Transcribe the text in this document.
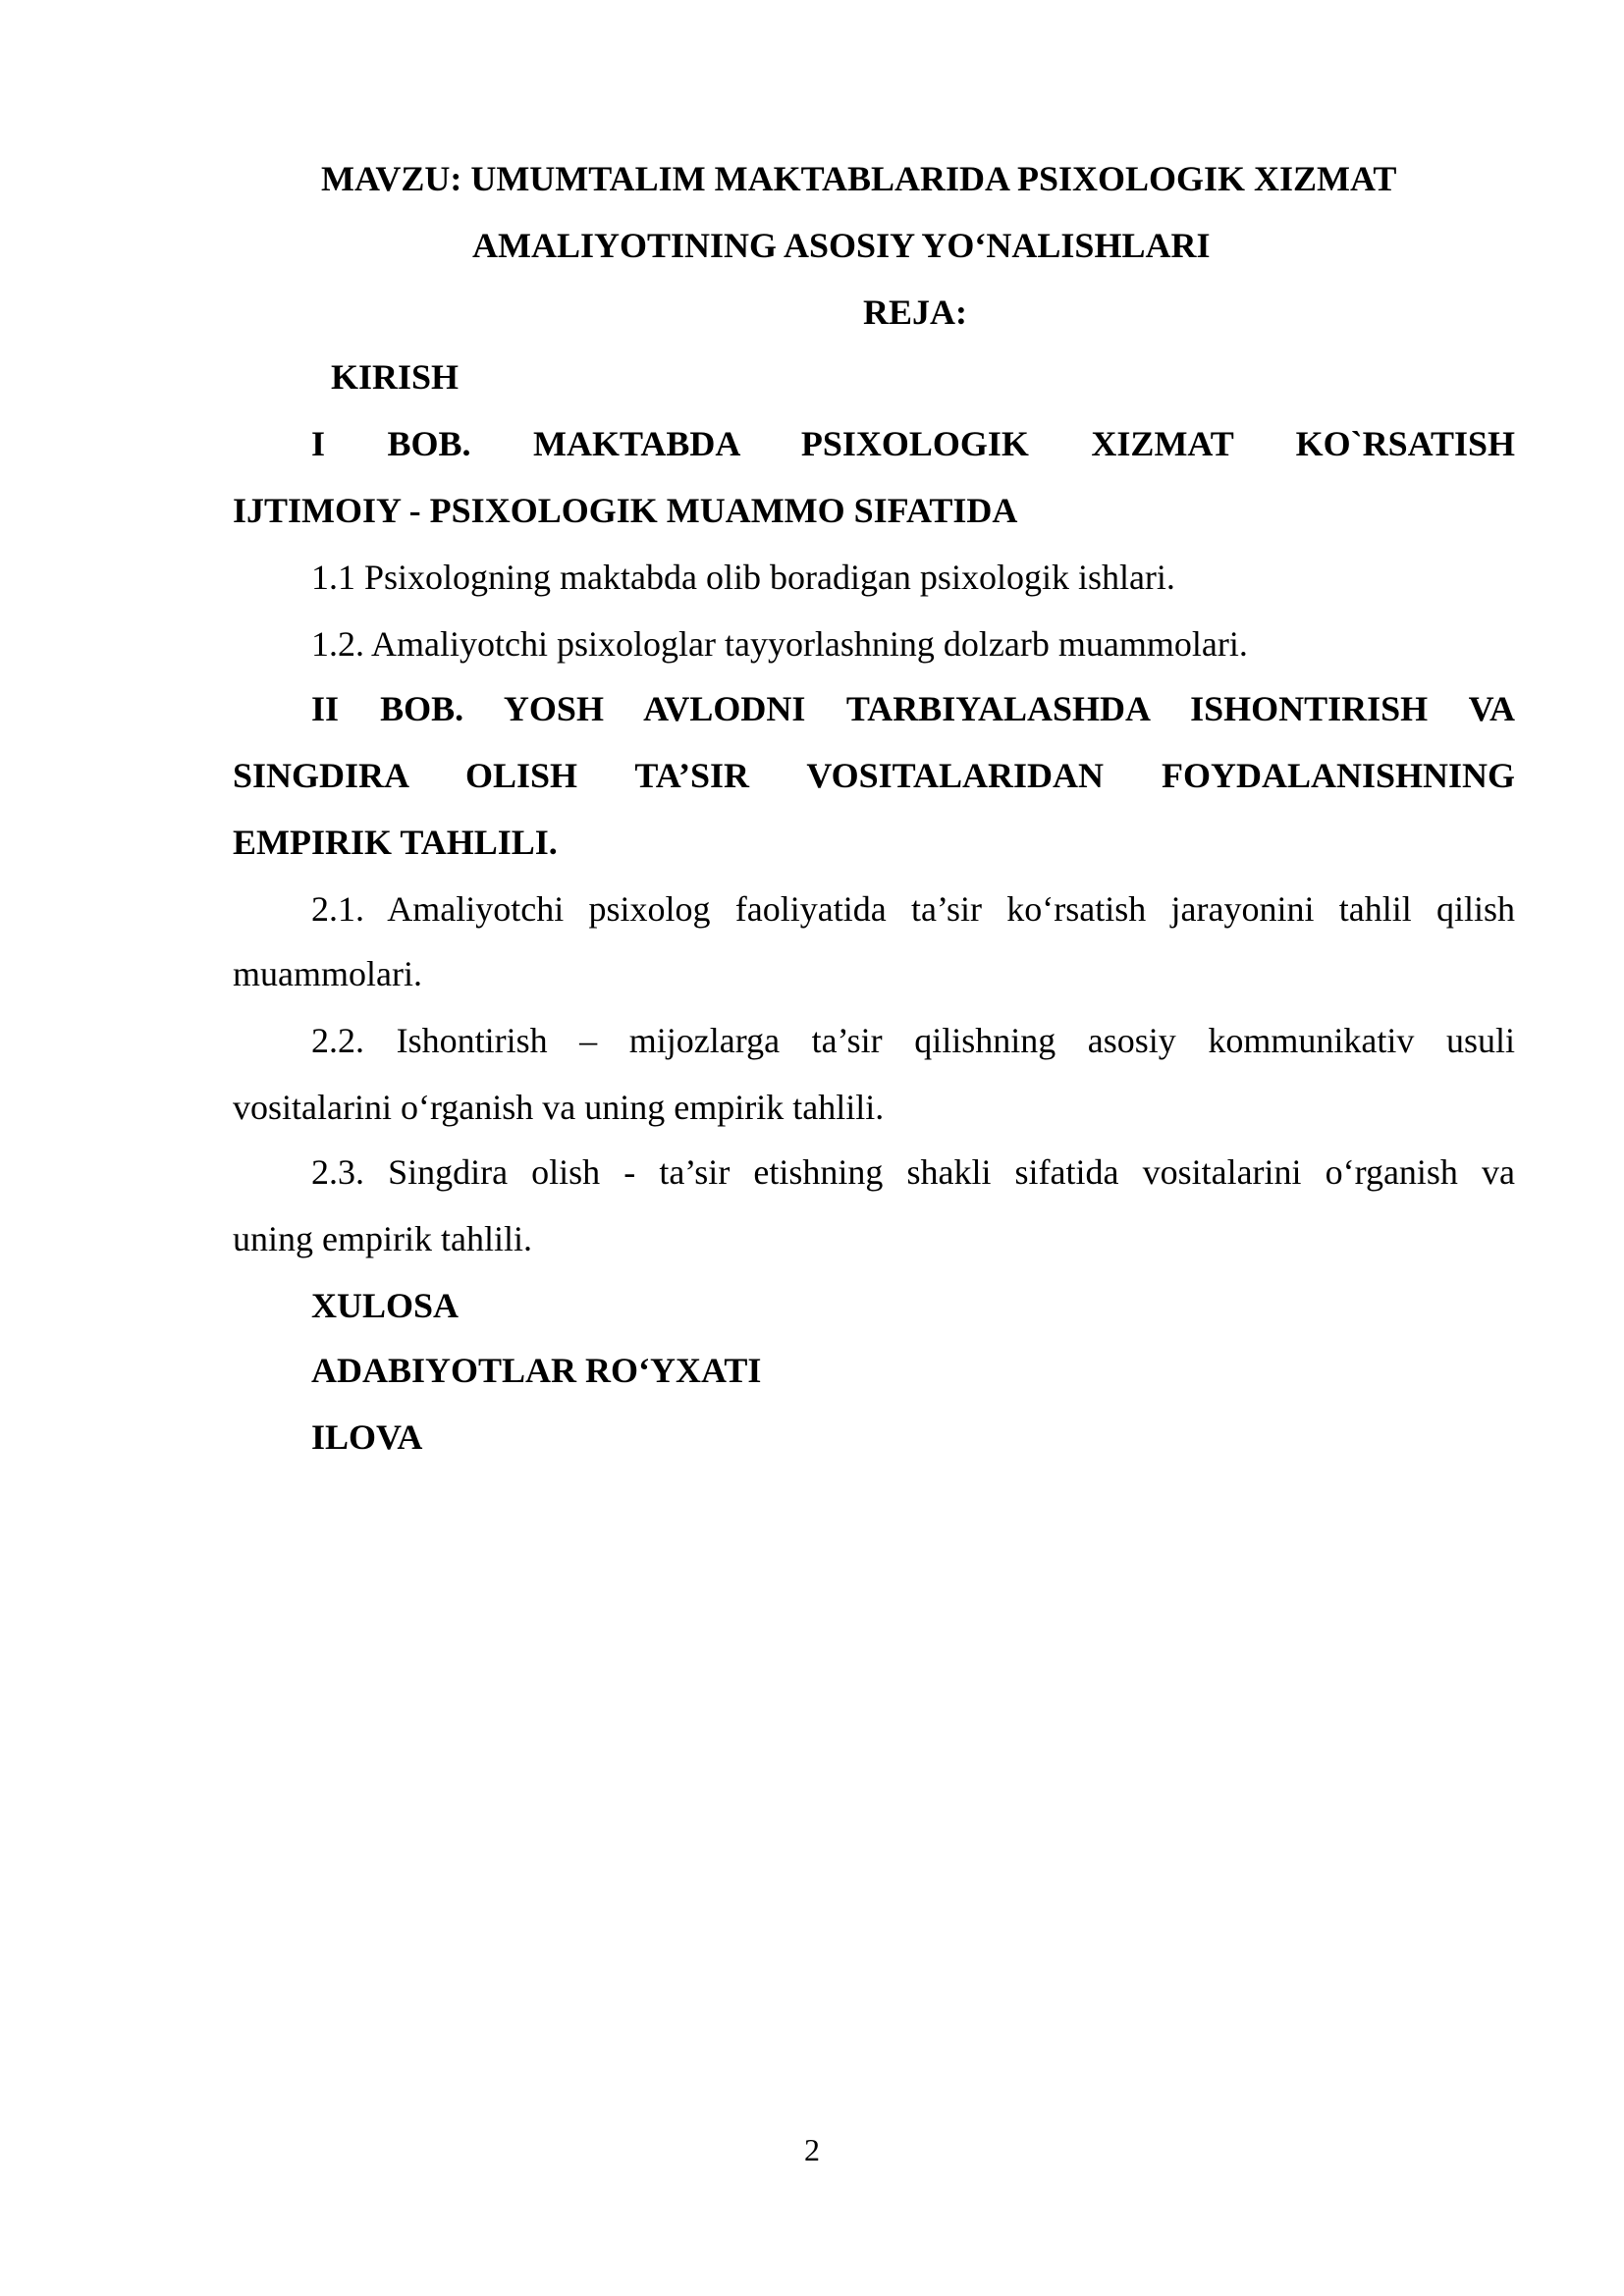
MAVZU: UMUMTALIM MAKTABLARIDA PSIXOLOGIK XIZMAT
AMALIYOTINING ASOSIY YO‘NALISHLARI
REJA:
KIRISH
I BOB. MAKTABDA PSIXOLOGIK XIZMAT KO`RSATISH
IJTIMOIY - PSIXOLOGIK MUAMMO SIFATIDA
1.1 Psixologning maktabda olib boradigan psixologik ishlari.
1.2. Amaliyotchi psixologlar tayyorlashning dolzarb muammolari.
II BOB. YOSH AVLODNI TARBIYALASHDA ISHONTIRISH VA
SINGDIRA OLISH TA’SIR VOSITALARIDAN FOYDALANISHNING
EMPIRIK TAHLILI.
2.1. Amaliyotchi psixolog faoliyatida ta’sir ko‘rsatish jarayonini tahlil qilish
muammolari.
2.2. Ishontirish – mijozlarga ta’sir qilishning asosiy kommunikativ usuli
vositalarini o‘rganish va uning empirik tahlili.
2.3. Singdira olish - ta’sir etishning shakli sifatida vositalarini o‘rganish va
uning empirik tahlili.
XULOSA
ADABIYOTLAR RO‘YXATI
ILOVA
2
